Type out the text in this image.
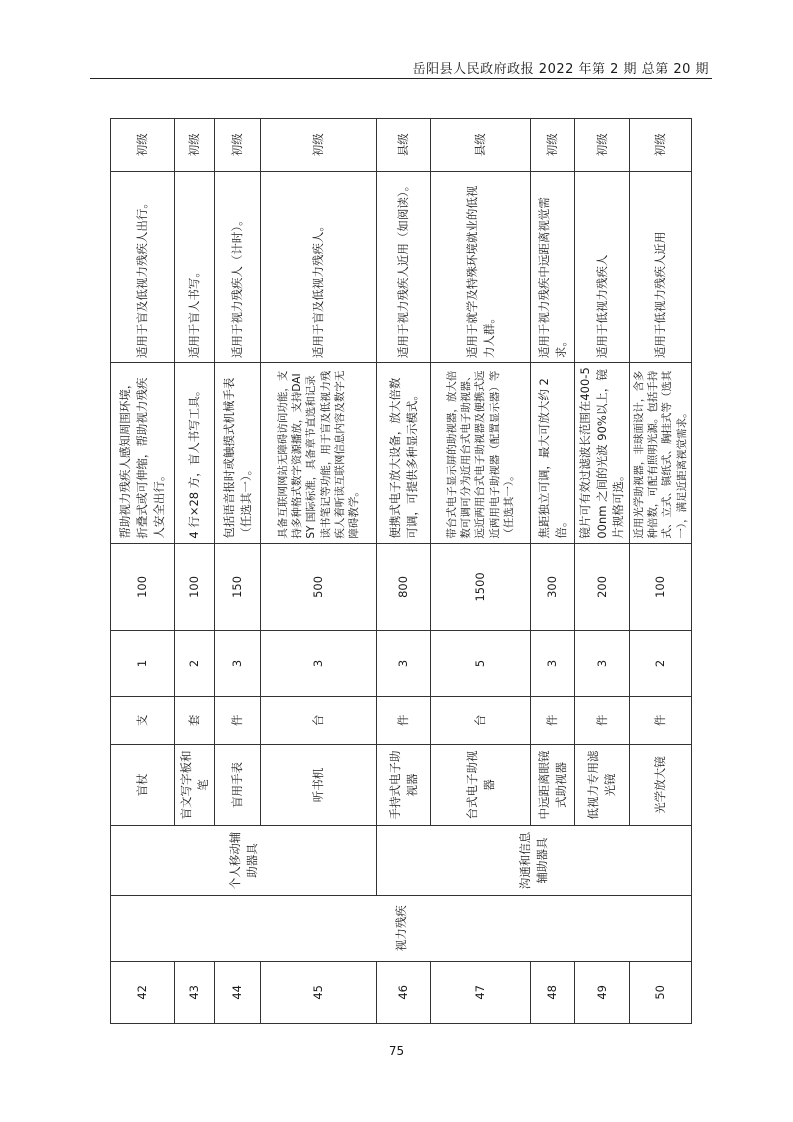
岳阳县人民政府政报 2022 年第 2 期 总第 20 期
42	视力残疾	个人移动辅助器具	盲杖	支	1	100	帮助视力残疾人感知周围环境，折叠式或可伸缩，帮助视力残疾人安全出行。	适用于盲及低视力残疾人出行。	初级
43			盲文写字板和笔	套	2	100	4 行×28 方，盲人书写工具。	适用于盲人书写。	初级
44			盲用手表	件	3	150	包括语音报时或触摸式机械手表（任选其一）。	适用于视力残疾人（计时）。	初级
45			听书机	台	3	500	具备互联网网站无障碍访问功能，支持多种格式数字资源播放，支持DAISY 国际标准，具备章节直选和记录读书笔记等功能，用于盲及低视力残疾人着听读互联网信息内容及数字无障碍教学。	适用于盲及低视力残疾人。	初级
46		沟通和信息辅助器具	手持式电子助视器	件	3	800	便携式电子放大设备，放大倍数可调，可提供多种显示模式。	适用于视力残疾人近用（如阅读）。	县级
47			台式电子助视器	台	5	1500	带台式电子显示屏的助视器，放大倍数可调可分为近用台式电子助视器、远近两用台式电子助视器及便携式远近两用电子助视器（配置显示器）等（任选其一）。	适用于就学及特殊环境就业的低视力人群。	县级
48			中远距离眼镜式助视器	件	3	300	焦距独立可调，最大可放大约 2 倍。	适用于视力残疾中远距离视觉需求。	初级
49			低视力专用滤光镜	件	3	200	镜片可有效过滤波长范围在400-500nm 之间的光波 90%以上，镜片规格可选。	适用于低视力残疾人	初级
50			光学放大镜	件	2	100	近用光学助视器，非球面设计，含多种倍数，可配有照明光源。包括手持式、立式、镇纸式、胸挂式等（选其一），满足近距离视觉需求。	适用于低视力残疾人近用	初级
75
